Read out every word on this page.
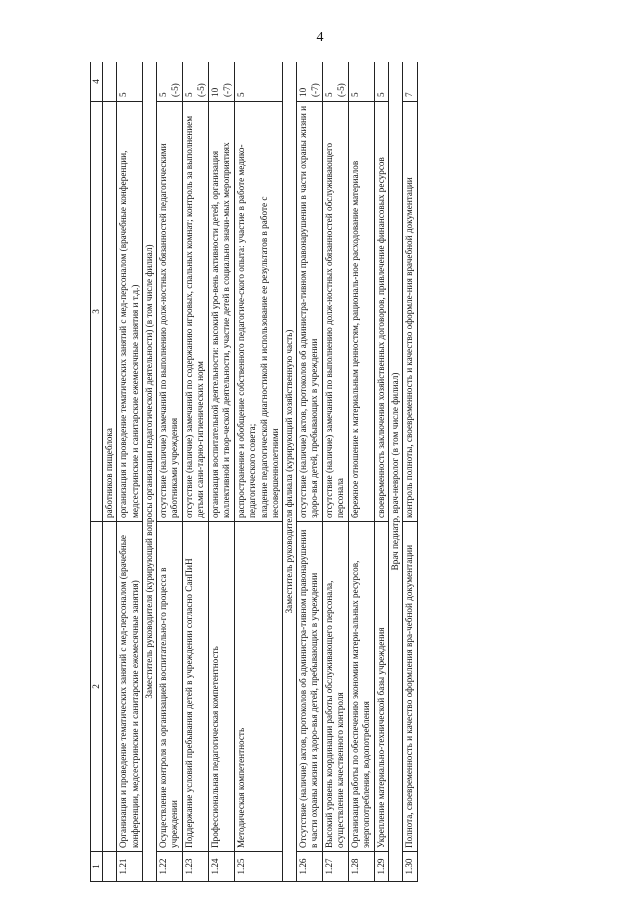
4
1	2	3	4

		работников пищеблока	

1.21	Организация и проведение тематических занятий с мед-персоналом (врачебные конференции, медсестринские и санитарские ежемесячные занятия)	организация и проведение тематических занятий с мед-персоналом (врачебные конференции, медсестринские и санитарские ежемесячные занятия и т.д.)	5

Заместитель руководителя (курирующий вопросы организации педагогической деятельности) (в том числе филиал)			
1.22	Осуществление контроля за организацией воспитательно-го процесса в учреждении	отсутствие (наличие) замечаний по выполнению долж-ностных обязанностей педагогическими работниками учреждения	5 (-5)

1.23	Поддержание условий пребывания детей в учреждении согласно СанПиН	отсутствие (наличие) замечаний по содержанию игровых, спальных комнат; контроль за выполнением детьми сани-тарно-гигиенических норм	5 (-5)

1.24	Профессиональная педагогическая компетентность	организация воспитательной деятельности: высокий уро-вень активности детей, организация коллективной и твор-ческой деятельности, участие детей в социально значи-мых мероприятиях	10 (-7)

1.25	Методическая компетентность	распространение и обобщение собственного педагогиче-ского опыта: участие в работе медико-педагогического совета; владение педагогической диагностикой и использование ее результатов в работе с несовершеннолетними	5

Заместитель руководителя филиала (курирующий хозяйственную часть)			
1.26	Отсутствие (наличие) актов, протоколов об администра-тивном правонарушении в части охраны жизни и здоро-вья детей, пребывающих в учреждении	отсутствие (наличие) актов, протоколов об администра-тивном правонарушении в части охраны жизни и здоро-вья детей, пребывающих в учреждении	10 (-7)

1.27	Высокий уровень координации работы обслуживающего персонала, осуществление качественного контроля	отсутствие (наличие) замечаний по выполнению долж-ностных обязанностей обслуживающего персонала	5 (-5)

1.28	Организация работы по обеспечению экономии матери-альных ресурсов, энергопотребления, водопотребления	бережное отношение к материальным ценностям, рациональ-ное расходование материалов	5

1.29	Укрепление материально-технической базы учреждения	своевременность заключения хозяйственных договоров, привлечение финансовых ресурсов	5

Врач педиатр, врач-невролог (в том числе филиал)			
1.30	Полнота, своевременность и качество оформления вра-чебной документации	контроль полноты, своевременность и качество оформле-ния врачебной документации	7
